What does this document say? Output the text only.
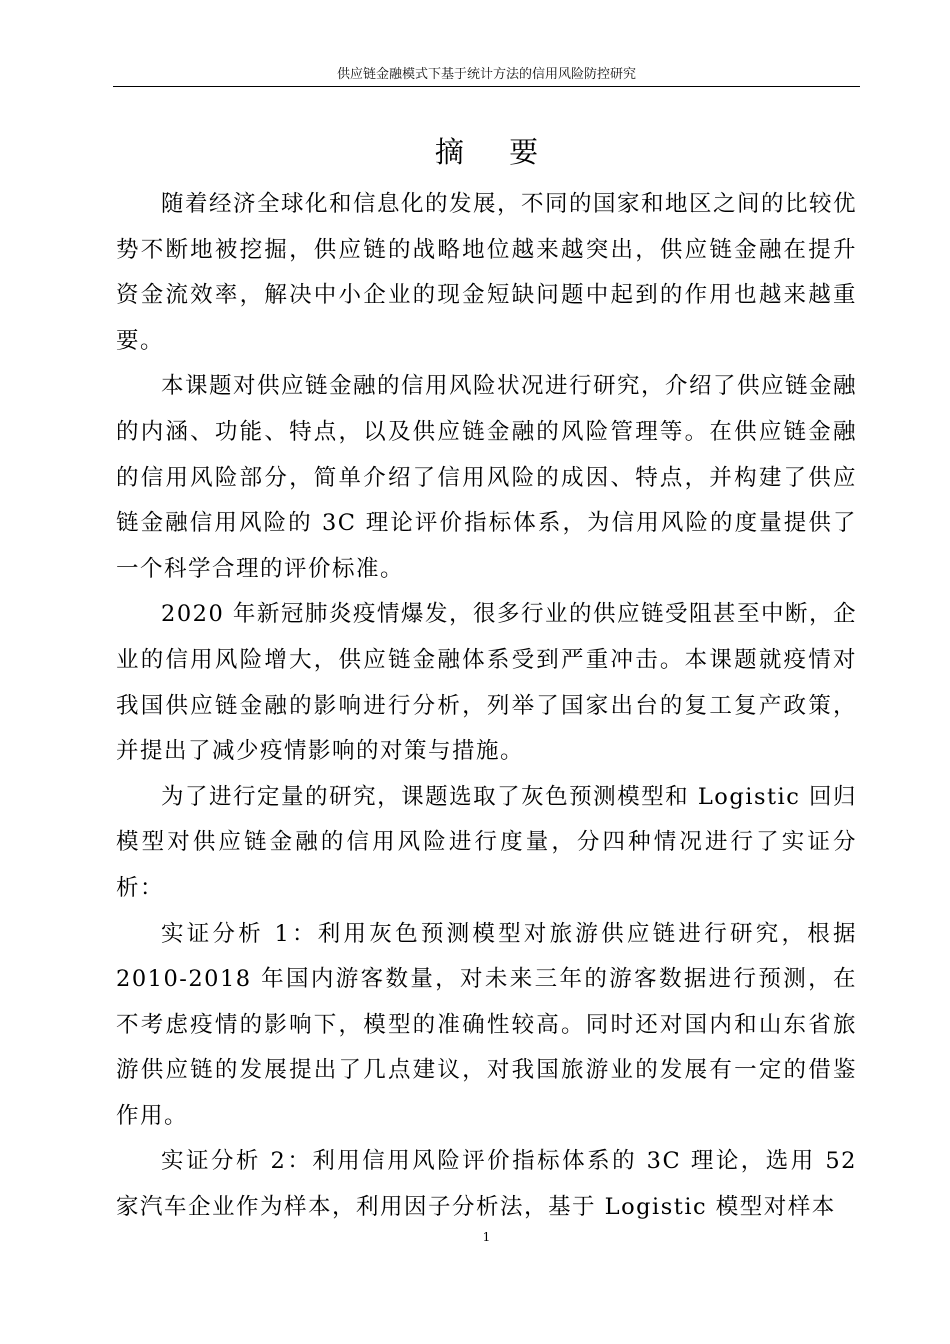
供应链金融模式下基于统计方法的信用风险防控研究
摘 要

随着经济全球化和信息化的发展，不同的国家和地区之间的比较优势不断地被挖掘，供应链的战略地位越来越突出，供应链金融在提升资金流效率，解决中小企业的现金短缺问题中起到的作用也越来越重要。

本课题对供应链金融的信用风险状况进行研究，介绍了供应链金融的内涵、功能、特点，以及供应链金融的风险管理等。在供应链金融的信用风险部分，简单介绍了信用风险的成因、特点，并构建了供应链金融信用风险的 3C 理论评价指标体系，为信用风险的度量提供了一个科学合理的评价标准。

2020 年新冠肺炎疫情爆发，很多行业的供应链受阻甚至中断，企业的信用风险增大，供应链金融体系受到严重冲击。本课题就疫情对我国供应链金融的影响进行分析，列举了国家出台的复工复产政策，并提出了减少疫情影响的对策与措施。

为了进行定量的研究，课题选取了灰色预测模型和 Logistic 回归模型对供应链金融的信用风险进行度量，分四种情况进行了实证分析：

实证分析 1：利用灰色预测模型对旅游供应链进行研究，根据 2010-2018 年国内游客数量，对未来三年的游客数据进行预测，在不考虑疫情的影响下，模型的准确性较高。同时还对国内和山东省旅游供应链的发展提出了几点建议，对我国旅游业的发展有一定的借鉴作用。

实证分析 2：利用信用风险评价指标体系的 3C 理论，选用 52 家汽车企业作为样本，利用因子分析法，基于 Logistic 模型对样本

1
